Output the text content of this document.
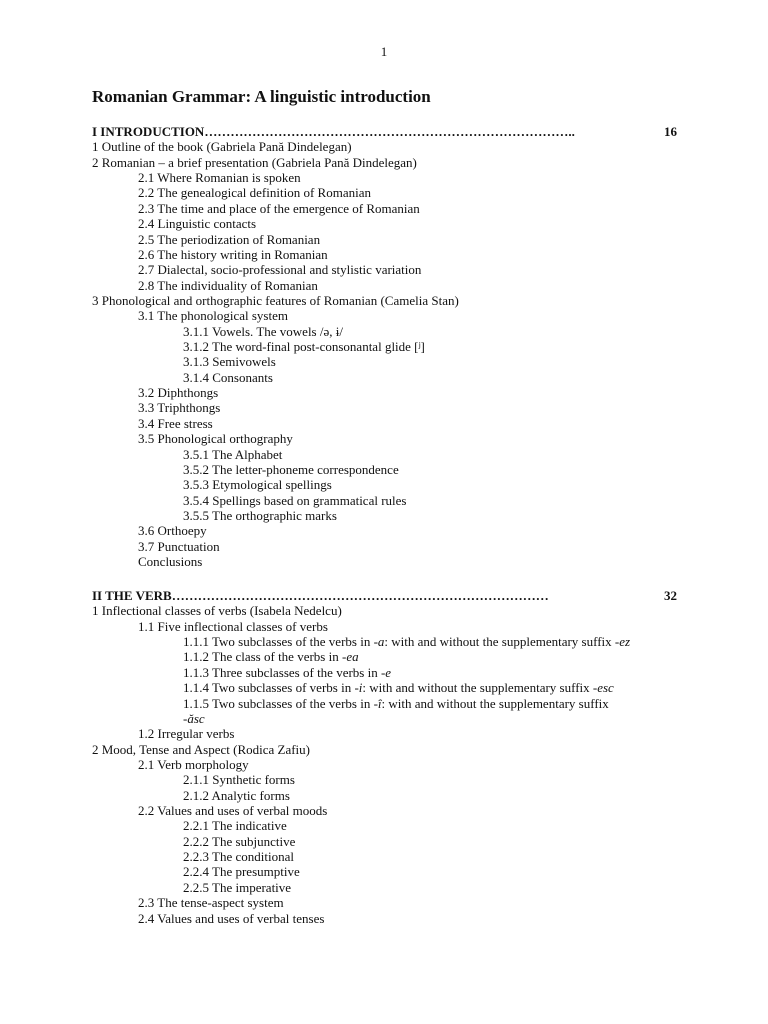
1
Romanian Grammar: A linguistic introduction
I INTRODUCTION …………………………………………………………………………..	16
1 Outline of the book (Gabriela Pană Dindelegan)
2 Romanian – a brief presentation (Gabriela Pană Dindelegan)
2.1 Where Romanian is spoken
2.2 The genealogical definition of Romanian
2.3 The time and place of the emergence of Romanian
2.4 Linguistic contacts
2.5 The periodization of Romanian
2.6 The history writing in Romanian
2.7 Dialectal, socio-professional and stylistic variation
2.8 The individuality of Romanian
3 Phonological and orthographic features of Romanian (Camelia Stan)
3.1 The phonological system
3.1.1 Vowels. The vowels /ə, ɨ/
3.1.2 The word-final post-consonantal glide [ʲ]
3.1.3 Semivowels
3.1.4 Consonants
3.2 Diphthongs
3.3 Triphthongs
3.4 Free stress
3.5 Phonological orthography
3.5.1 The Alphabet
3.5.2 The letter-phoneme correspondence
3.5.3 Etymological spellings
3.5.4 Spellings based on grammatical rules
3.5.5 The orthographic marks
3.6 Orthoepy
3.7 Punctuation
Conclusions
II THE VERB ……………………………………………………………………………	32
1 Inflectional classes of verbs (Isabela Nedelcu)
1.1 Five inflectional classes of verbs
1.1.1 Two subclasses of the verbs in -a: with and without the supplementary suffix -ez
1.1.2 The class of the verbs in -ea
1.1.3 Three subclasses of the verbs in -e
1.1.4 Two subclasses of verbs in -i: with and without the supplementary suffix -esc
1.1.5 Two subclasses of the verbs in -î: with and without the supplementary suffix
-ăsc
1.2 Irregular verbs
2 Mood, Tense and Aspect (Rodica Zafiu)
2.1 Verb morphology
2.1.1 Synthetic forms
2.1.2 Analytic forms
2.2 Values and uses of verbal moods
2.2.1 The indicative
2.2.2 The subjunctive
2.2.3 The conditional
2.2.4 The presumptive
2.2.5 The imperative
2.3 The tense-aspect system
2.4 Values and uses of verbal tenses
